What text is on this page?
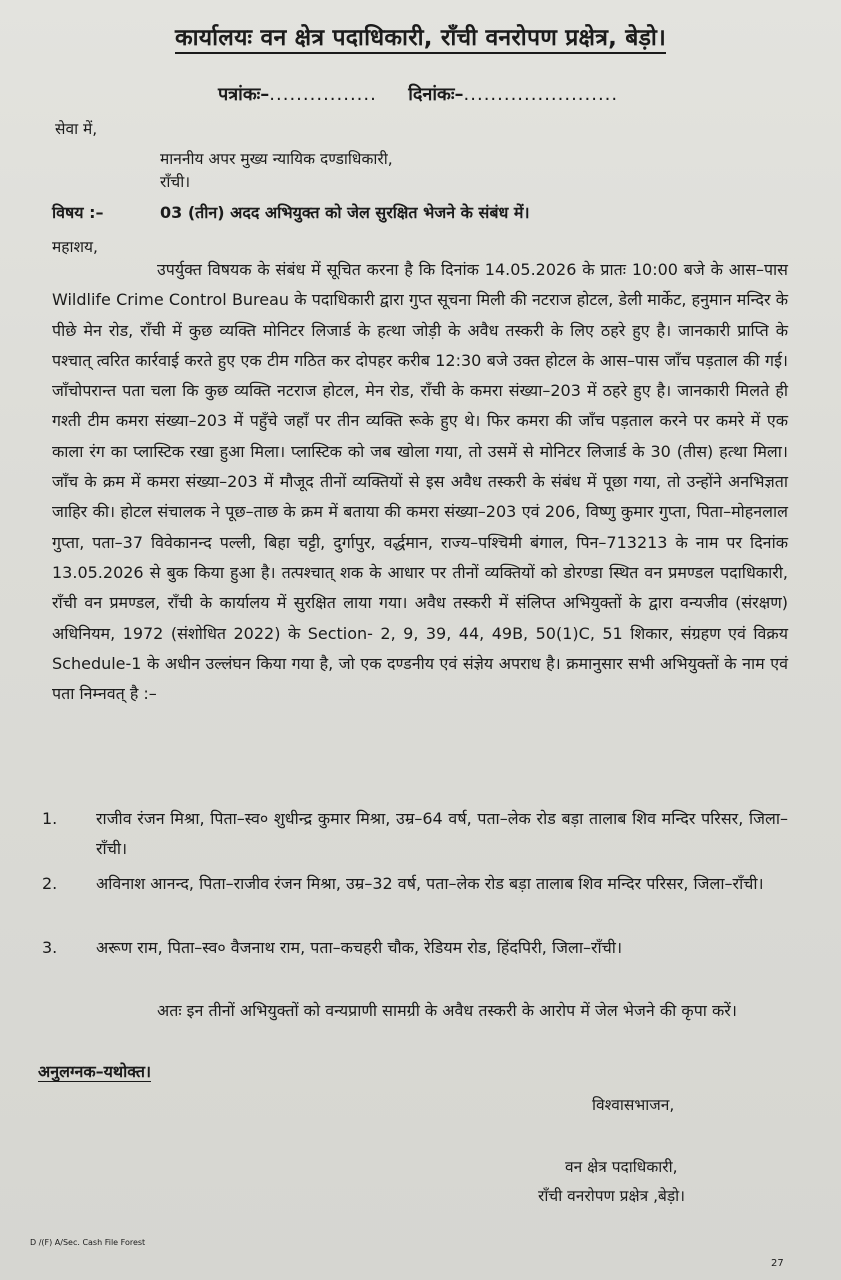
कार्यालयः वन क्षेत्र पदाधिकारी, राँची वनरोपण प्रक्षेत्र, बेड़ो।
पत्रांकः–................ दिनांकः–.......................
सेवा में,
माननीय अपर मुख्य न्यायिक दण्डाधिकारी,
राँची।
विषय :–	03 (तीन) अदद अभियुक्त को जेल सुरक्षित भेजने के संबंध में।
महाशय,

उपर्युक्त विषयक के संबंध में सूचित करना है कि दिनांक 14.05.2026 के प्रातः 10:00 बजे के आस–पास Wildlife Crime Control Bureau के पदाधिकारी द्वारा गुप्त सूचना मिली की नटराज होटल, डेली मार्केट, हनुमान मन्दिर के पीछे मेन रोड, राँची में कुछ व्यक्ति मोनिटर लिजार्ड के हत्था जोड़ी के अवैध तस्करी के लिए ठहरे हुए है। जानकारी प्राप्ति के पश्चात् त्वरित कार्रवाई करते हुए एक टीम गठित कर दोपहर करीब 12:30 बजे उक्त होटल के आस–पास जाँच पड़ताल की गई। जाँचोपरान्त पता चला कि कुछ व्यक्ति नटराज होटल, मेन रोड, राँची के कमरा संख्या–203 में ठहरे हुए है। जानकारी मिलते ही गश्ती टीम कमरा संख्या–203 में पहुँचे जहाँ पर तीन व्यक्ति रूके हुए थे। फिर कमरा की जाँच पड़ताल करने पर कमरे में एक काला रंग का प्लास्टिक रखा हुआ मिला। प्लास्टिक को जब खोला गया, तो उसमें से मोनिटर लिजार्ड के 30 (तीस) हत्था मिला। जाँच के क्रम में कमरा संख्या–203 में मौजूद तीनों व्यक्तियों से इस अवैध तस्करी के संबंध में पूछा गया, तो उन्होंने अनभिज्ञता जाहिर की। होटल संचालक ने पूछ–ताछ के क्रम में बताया की कमरा संख्या–203 एवं 206, विष्णु कुमार गुप्ता, पिता–मोहनलाल गुप्ता, पता–37 विवेकानन्द पल्ली, बिहा चट्टी, दुर्गापुर, वर्द्धमान, राज्य–पश्चिमी बंगाल, पिन–713213 के नाम पर दिनांक 13.05.2026 से बुक किया हुआ है। तत्पश्चात् शक के आधार पर तीनों व्यक्तियों को डोरण्डा स्थित वन प्रमण्डल पदाधिकारी, राँची वन प्रमण्डल, राँची के कार्यालय में सुरक्षित लाया गया। अवैध तस्करी में संलिप्त अभियुक्तों के द्वारा वन्यजीव (संरक्षण) अधिनियम, 1972 (संशोधित 2022) के Section- 2, 9, 39, 44, 49B, 50(1)C, 51 शिकार, संग्रहण एवं विक्रय Schedule-1 के अधीन उल्लंघन किया गया है, जो एक दण्डनीय एवं संज्ञेय अपराध है। क्रमानुसार सभी अभियुक्तों के नाम एवं पता निम्नवत् है :–

1. राजीव रंजन मिश्रा, पिता–स्व० शुधीन्द्र कुमार मिश्रा, उम्र–64 वर्ष, पता–लेक रोड बड़ा तालाब शिव मन्दिर परिसर, जिला–राँची।
2. अविनाश आनन्द, पिता–राजीव रंजन मिश्रा, उम्र–32 वर्ष, पता–लेक रोड बड़ा तालाब शिव मन्दिर परिसर, जिला–राँची।
3. अरूण राम, पिता–स्व० वैजनाथ राम, पता–कचहरी चौक, रेडियम रोड, हिंदपिरी, जिला–राँची।

अतः इन तीनों अभियुक्तों को वन्यप्राणी सामग्री के अवैध तस्करी के आरोप में जेल भेजने की कृपा करें।

अनुलग्नक–यथोक्त।
विश्वासभाजन,
वन क्षेत्र पदाधिकारी,
राँची वनरोपण प्रक्षेत्र ,बेड़ो।
D /(F) A/Sec. Cash File Forest
27
